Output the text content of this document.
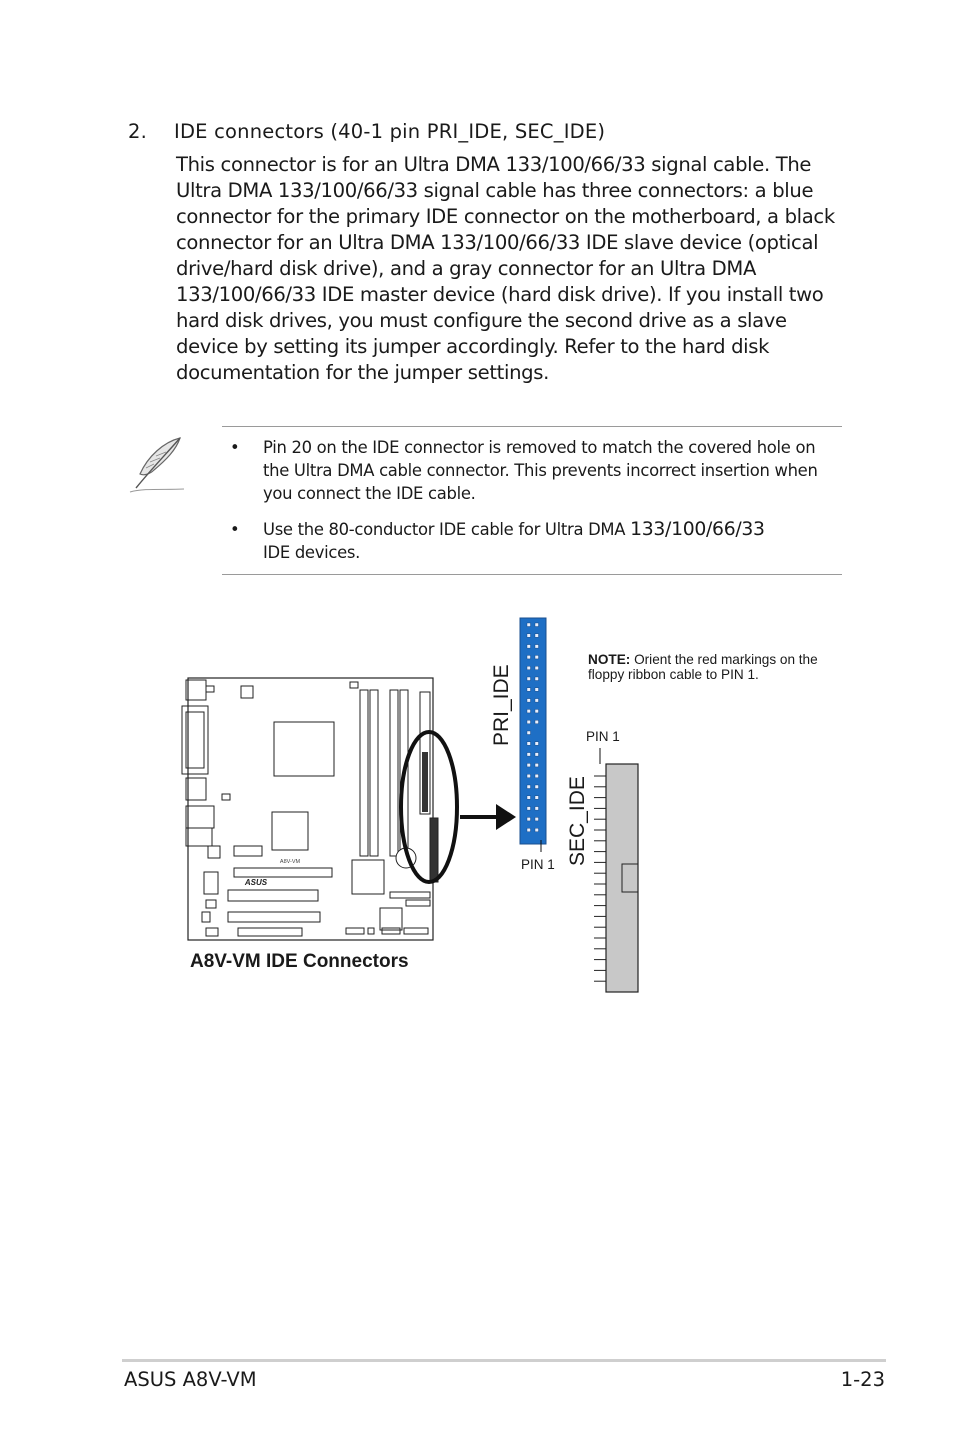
2. IDE connectors (40-1 pin PRI_IDE, SEC_IDE)

This connector is for an Ultra DMA 133/100/66/33 signal cable. The Ultra DMA 133/100/66/33 signal cable has three connectors: a blue connector for the primary IDE connector on the motherboard, a black connector for an Ultra DMA 133/100/66/33 IDE slave device (optical drive/hard disk drive), and a gray connector for an Ultra DMA 133/100/66/33 IDE master device (hard disk drive). If you install two hard disk drives, you must configure the second drive as a slave device by setting its jumper accordingly. Refer to the hard disk documentation for the jumper settings.

• Pin 20 on the IDE connector is removed to match the covered hole on the Ultra DMA cable connector. This prevents incorrect insertion when you connect the IDE cable.
• Use the 80-conductor IDE cable for Ultra DMA 133/100/66/33
IDE devices.
A8V-VM
ASUS
NOTE: Orient the red markings on the floppy ribbon cable to PIN 1.
PIN 1
PIN 1
PRI_IDE
SEC_IDE
A8V-VM IDE Connectors
ASUS A8V-VM	1-23
